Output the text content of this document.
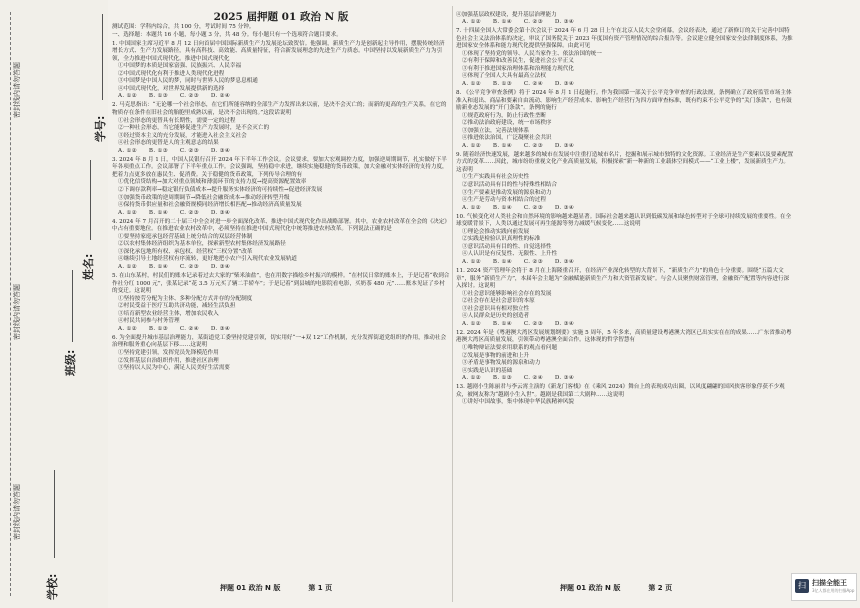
密封线内请勿答题
密封线内请勿答题
密封线内请勿答题
学校:
班级:
姓名:
学号:
2025 届押题 01 政治 N 版
测试范围：学科内综合，共 100 分，考试时间 75 分钟。
一、选择题：本题共 16 小题，每小题 3 分，共 48 分。每小题只有一个选项符合题目要求。

1. 中国国家主席习近平 8 月 12 日向首届中国国际新质生产力发展论坛致贺信。他强调，新质生产力是创新起主导作用，摆脱传统经济增长方式、生产力发展路径，具有高科技、高效能、高质量特征，符合新发展理念的先进生产力质态。中国坚持以发展新质生产力为引领，全力推进中国式现代化。推进中国式现代化

①中国梦的本质是国家富强、民族振兴、人民幸福

②中国式现代化有利于推进人类现代化进程

③中国梦是中国人民的梦，同时与世界人民的梦息息相通

④中国式现代化，对世界发展提供新的选择

A. ①②　　B. ①③　　C. ②③　　D. ②④

2. 马克思指出：“无论哪一个社会形态，在它们所能容纳的全部生产力发挥出来以前，是决不会灭亡的；而新的更高的生产关系，在它的物质存在条件在旧社会的胎胞里成熟以前，是决不会出现的。”这段话说明

①社会形态的更替具有长期性，需要一定的过程

②一种社会形态，当它能够促进生产力发展时，是不会灭亡的

③经过资本主义的充分发展，才能进入社会主义社会

④社会形态的更替是人的主观意志的结果

A. ①②　　B. ①③　　C. ②③　　D. ③④

3. 2024 年 8 月 1 日，中国人民银行召开 2024 年下半年工作会议。会议要求，要加大宏观调控力度，加强逆周期调节，扎实做好下半年各项重点工作。会议部署了下半年重点工作。会议强调，坚持稳中求进，继续实施稳健的货币政策，加大金融对实体经济的支持力度，把着力点更多放在惠民生、促消费。关于稳健的货币政策，下列传导合理的有

①优化信贷结构→加大对重点领域和薄弱环节的支持力度→提高资源配置效率

②下调存款利率→稳定银行负债成本→提升服务实体经济的可持续性→促进经济发展

③加强货币政策的逆周期调节→降低社会融资成本→推动经济转型升级

④保持货币供应量和社会融资规模同经济增长相匹配→推动经济高质量发展

A. ①②　　B. ①④　　C. ②③　　D. ③④

4. 2024 年 7 月召开的二十届三中全会对进一步全面深化改革、推进中国式现代化作出战略部署。其中，农业农村改革在全会的《决定》中占有重要地位。在推进农业农村改革中，必须坚持在推进中国式现代化中统筹推进农村改革。下列说法正确的是

①要坚持家庭承包经营基础上统分结合的双层经营体制

②以农村集体经济组织为基本单位，探索新型农村集体经济发展路径

③深化承包地所有权、承包权、经营权“三权分置”改革

④继续引导土地经营权有序流转，更好地把小农户引入现代农业发展轨道

A. ①②　　B. ①④　　C. ②③　　D. ③④

5. 在山东某村，村民们的账本记录着过去大家的“柴米油盐”，也在用数字描绘乡村振兴的模样。“在村民日常的账本上，于是记着“收到合作社分红 1000 元”，张某记录“花 3.5 万元买了辆二手轿车”；于是记着“到县城的电影院看电影，买奶茶 480 元”……账本见证了乡村的变迁。这说明

①坚持按劳分配为主体、多种分配方式并存的分配制度

②村民受益于医疗互助共济功能，减轻生活负担

③培育新型农业经营主体，增加农民收入

④村民共同参与村务管理

A. ①②　　B. ①③　　C. ②④　　D. ③④

6. 为全面提升城市基层治理能力，某街道党工委坚持党建引领，切实用好“一+双 12”工作机制，充分发挥街道党组织的作用，推动社会治理和服务重心向基层下移……这说明

①坚持党建引领，发挥党员先锋模范作用

②发挥基层自治组织作用，推进社区治理

③坚持以人民为中心，满足人民美好生活需要

④加强基层政权建设，提升基层治理能力

A. ①②　　B. ①④　　C. ②③　　D. ③④

7. 十四届全国人大常委会第十次会议于 2024 年 6 月 28 日上午在北京人民大会堂闭幕，会议经表决，通过了新修订的关于完善中国特色社会主义法治体系的决定，审议了国务院关于 2023 年度国有资产管理情况的综合报告等。会议建立健全国家安全法律制度体系，为推进国家安全体系和能力现代化提供坚强保障。由此可见

①体现了坚持党的领导、人民当家作主、依法治国的统一

②有利于保障和改善民生，促进社会公平正义

③有利于推进国家治理体系和治理能力现代化

④体现了全国人大具有最高立法权

A. ①②　　B. ①③　　C. ②④　　D. ③④

8. 《公平竞争审查条例》将于 2024 年 8 月 1 日起施行。作为我国第一部关于公平竞争审查的行政法规，条例确立了政府监管市场主体准入和退出、商品和要素自由流动、影响生产经营成本、影响生产经营行为四方面审查标准，既有约束不公平竞争的“关门条款”，也有鼓励新业态发展的“开门条款”。条例的施行

①规范政府行为，防止行政性垄断

②推动法治政府建设，统一市场秩序

③加强立法，完善法规体系

④推进依法治国，广泛凝聚社会共识

A. ①②　　B. ①④　　C. ②③　　D. ③④

9. 随着经济快速发展，越来越多的城市在发展中注重打造城市名片，挖掘和展示城市独特的文化资源。工业经济是生产要素以及要素配置方式的变革……因此，城市纷纷重视文化产业高质量发展，积极探索“新一种新的工业载体空间模式——“工业上楼”，发展新质生产力。这表明

①生产实践具有社会历史性

②意识活动具有目的性与特殊性相结合

③生产要素是推动发展的源泉和动力

④生产是劳动与资本相结合的过程

A. ①②　　B. ①④　　C. ②③　　D. ③④

10. 气候变化对人类社会和自然环境的影响越来越显著。国际社会越来越认识到低碳发展和绿色转型对于全球可持续发展的重要性。在全球变暖背景下，人类以通过发展可再生能源等努力减缓气候变化……这说明

①理论会推动实践向前发展

②实践是检验认识真理性的标准

③意识活动具有目的性、自觉选择性

④人认识是有反复性、无限性、上升性

A. ①②　　B. ①④　　C. ②③　　D. ③④

11. 2024 资产管理年会将于 8 月在上海隆重召开，在经济产业深化转型的大背景下，“新质生产力”的角色十分重要。围绕“五篇大文章”，服务“新质生产力”，本届年会主题为“金融赋能新质生产力和大资管新发展”。与会人员聚焦财富管理，金融资产配置等内容进行深入探讨。这说明

①社会意识能够影响社会存在的发展

②社会存在是社会意识的本原

③社会意识具有相对独立性

④人民群众是历史的创造者

A. ①②　　B. ①④　　C. ②③　　D. ③④

12. 2024 年是《粤港澳大湾区发展规划纲要》实施 5 周年，5 年多来，高质量建设粤港澳大湾区已出实实在在的成果……广东省推动粤港澳大湾区高质量发展，引领带动粤港澳全面合作。这体现的哲学智慧有

①唯物辩证法要求用联系的观点看问题

②发展是事物的前进和上升

③矛盾是事物发展的源泉和动力

④实践是认识的基础

A. ①②　　B. ①③　　C. ②④　　D. ③④

13. 越剧小生陈丽君与李云霄主演的《新龙门客栈》在《乘风 2024》舞台上的表现成功出圈，以风度翩翩的国风侠客形象俘获不少观众，被网友称为“越剧小生入世”。越剧是我国第二大剧种……这说明

①讲好中国故事，集中体现中华民族精神风貌

押题 01 政治 N 版　　　　第 1 页	押题 01 政治 N 版　　　　第 2 页	扫 扫描全能王
3亿人都在用的扫描App
